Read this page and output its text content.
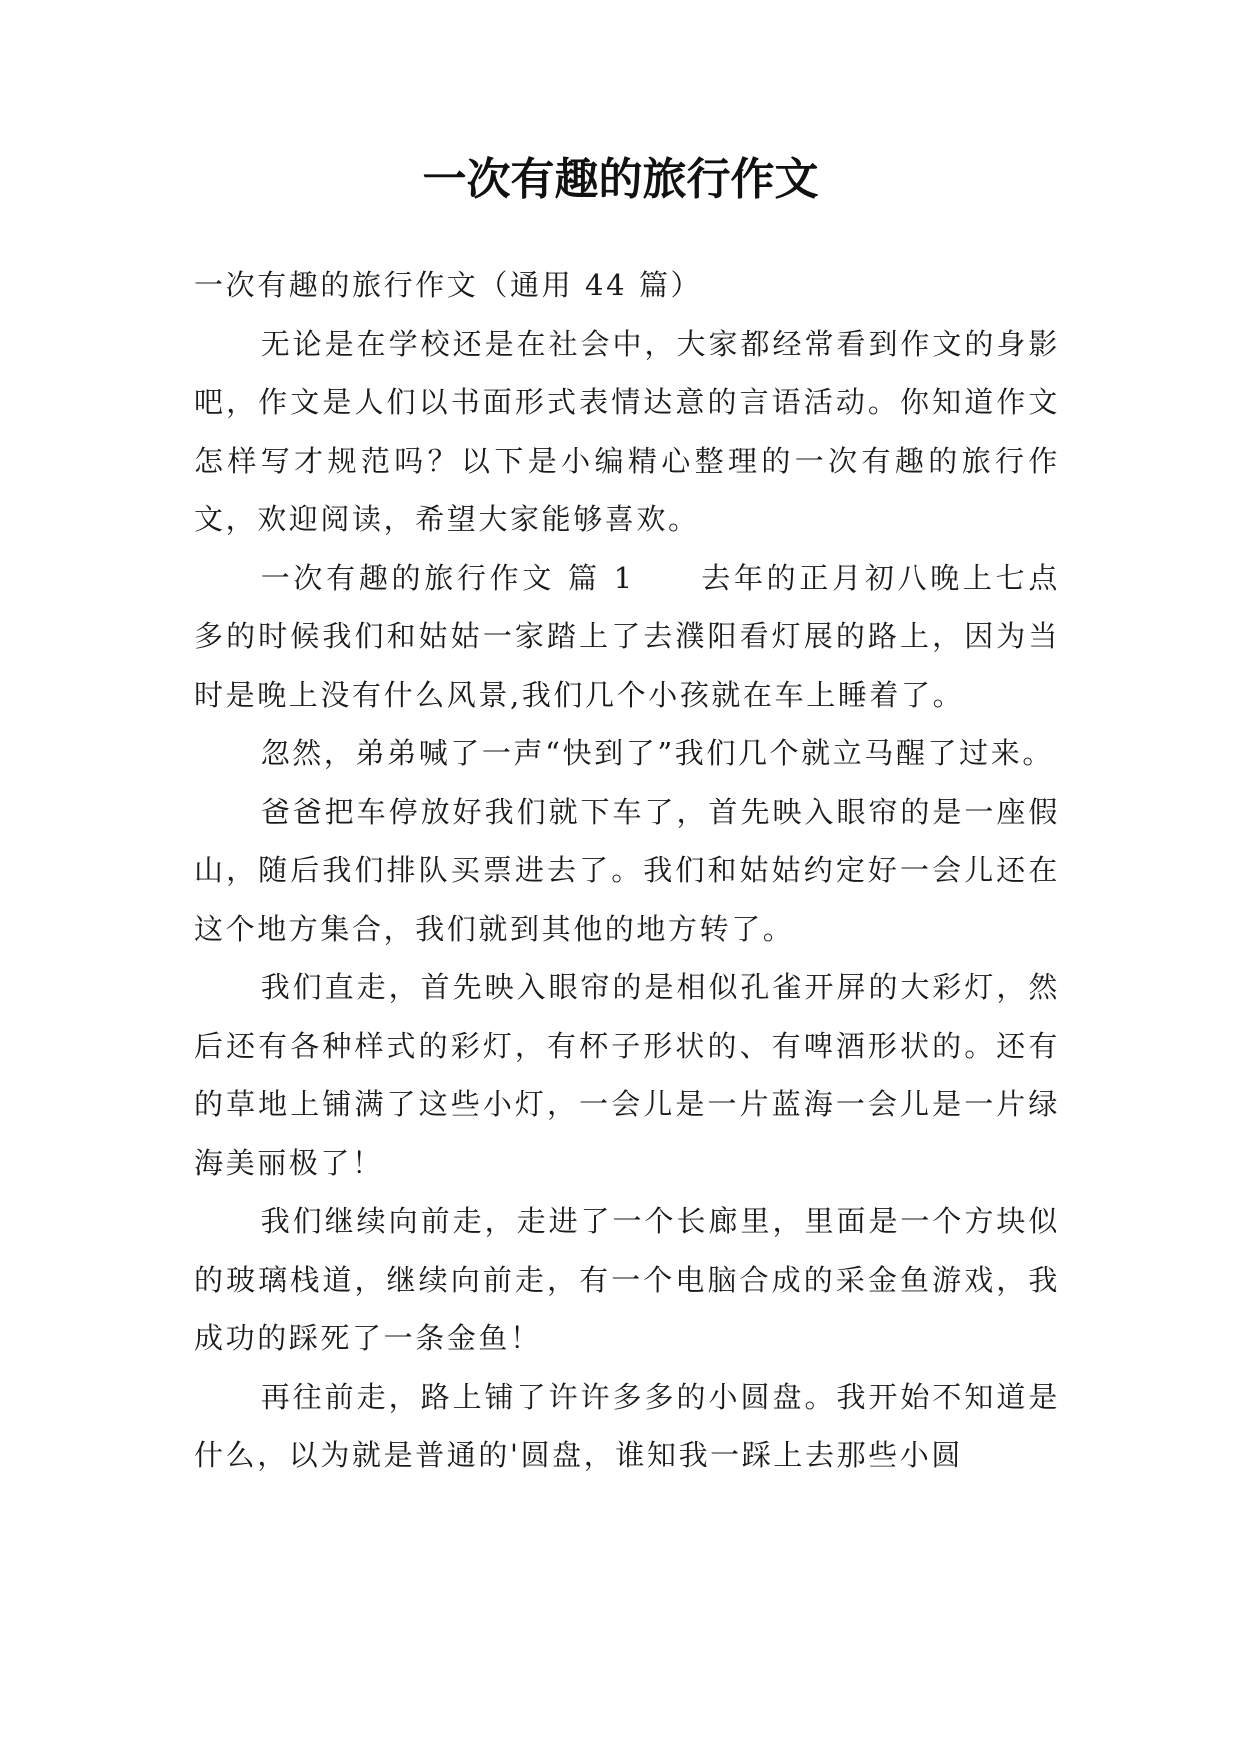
一次有趣的旅行作文

一次有趣的旅行作文（通用 44 篇）

无论是在学校还是在社会中，大家都经常看到作文的身影吧，作文是人们以书面形式表情达意的言语活动。你知道作文怎样写才规范吗？以下是小编精心整理的一次有趣的旅行作文，欢迎阅读，希望大家能够喜欢。

一次有趣的旅行作文 篇 1　　去年的正月初八晚上七点多的时候我们和姑姑一家踏上了去濮阳看灯展的路上，因为当时是晚上没有什么风景,我们几个小孩就在车上睡着了。

忽然，弟弟喊了一声“快到了”我们几个就立马醒了过来。

爸爸把车停放好我们就下车了，首先映入眼帘的是一座假山，随后我们排队买票进去了。我们和姑姑约定好一会儿还在这个地方集合，我们就到其他的地方转了。

我们直走，首先映入眼帘的是相似孔雀开屏的大彩灯，然后还有各种样式的彩灯，有杯子形状的、有啤酒形状的。还有的草地上铺满了这些小灯，一会儿是一片蓝海一会儿是一片绿海美丽极了！

我们继续向前走，走进了一个长廊里，里面是一个方块似的玻璃栈道，继续向前走，有一个电脑合成的采金鱼游戏，我成功的踩死了一条金鱼！

再往前走，路上铺了许许多多的小圆盘。我开始不知道是什么，以为就是普通的'圆盘，谁知我一踩上去那些小圆
